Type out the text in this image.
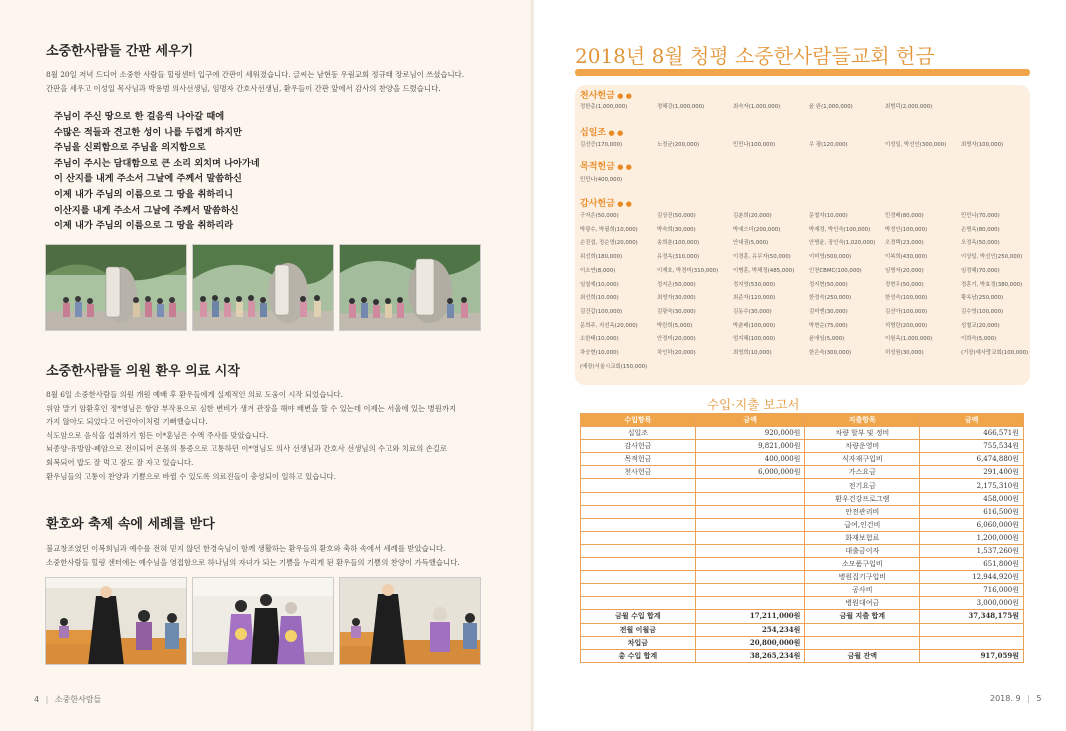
소중한사람들 간판 세우기
8월 20일 저녁 드디어 소중한 사람들 힐링센터 입구에 간판이 세워졌습니다. 글씨는 남현동 우림교회 정규태 장로님이 쓰셨습니다.
간판을 세우고 이성일 목사님과 박용범 의사선생님, 임명자 간호사선생님, 환우들이 간판 앞에서 감사의 찬양을 드렸습니다.
주님이 주신 땅으로 한 걸음씩 나아갈 때에
수많은 적들과 견고한 성이 나를 두렵게 하지만
주님을 신뢰함으로 주님을 의지함으로
주님이 주시는 담대함으로 큰 소리 외치며 나아가네
이 산지를 내게 주소서 그날에 주께서 말씀하신
이제 내가 주님의 이름으로 그 땅을 취하리니
이산지를 내게 주소서 그날에 주께서 말씀하신
이제 내가 주님의 이름으로 그 땅을 취하리라
소중한사람들 의원 환우 의료 시작
8월 6일 소중한사람들 의원 개원 예배 후 환우들에게 실제적인 의료 도움이 시작 되었습니다.
위암 말기 암환후인 정*영님은 항암 부작용으로 심한 변비가 생겨 관장을 해야 배변을 할 수 있는데 이제는 서울에 있는 병원까지
가지 않아도 되었다고 어린아이처럼 기뻐했습니다.
식도암으로 음식을 섭취하기 힘든 이*훈님은 수액 주사를 맞았습니다.
뇌종양-유방암-폐암으로 전이되어 온몸의 통증으로 고통하던 이*영님도 의사 선생님과 간호사 선생님의 수고와 치료의 손길로
회복되어 밥도 잘 먹고 잠도 잘 자고 있습니다.
환우님들의 고통이 찬양과 기쁨으로 바뀔 수 있도록 의료진들이 충성되이 일하고 있습니다.
환호와 축제 속에 세례를 받다
불교창조였던 이복희님과 예수를 전혀 믿지 않던 한경숙님이 함께 생활하는 환우들의 환호와 축하 속에서 세례를 받았습니다.
소중한사람들 힐링 센터에는 예수님을 영접함으로 하나님의 자녀가 되는 기쁨을 누리게 된 환우들의 기쁨의 찬양이 가득했습니다.
4 | 소중한사람들
2018년 8월 청평 소중한사람들교회 헌금
천사헌금 ● ●
정한총(1,000,000)	정혜강(1,000,000)	최숙자(1,000,000)	윤 완(1,000,000)	최범덕(2,000,000)
십일조 ● ●
김선증(170,000)	노정균(200,000)	민민나(100,000)	우 평(120,000)	이성일, 박선인(300,000)	최명자(100,000)
목적헌금 ● ●
민민나(400,000)
감사헌금 ● ●
구자은(50,000)	김상진(50,000)	김춘희(20,000)	문철자(10,000)	민경배(80,000)	민민나(70,000)
박광수, 박필희(10,000)	박숙희(30,000)	박예스더(200,000)	박재경, 박인숙(100,000)	박정인(100,000)	손명옥(80,000)
손진섭, 정순영(20,000)	송희춘(100,000)	안대권(5,000)	안명윤, 장인숙(1,020,000) 오경택(23,000)	오정옥(50,000)
위선희(180,000)	유정옥(310,000)	이경훈, 유무자(50,000)	이미영(500,000)	이복희(430,000)	이상일, 박선인(250,000)
이소연(8,000)	이재호, 박경미(310,000)	이병훈, 박해정(485,000)	인천CBMC(100,000)	임명자(20,000)	임정혜(70,000)
임칠예(10,000)	정지은(50,000)	정지영(530,000)	정지현(50,000)	정현우(50,000)	정훈기, 박효정(380,000)
최선희(10,000)	최영자(30,000)	최준자(120,000)	한정숙(250,000)	한성숙(100,000)	황옥남(250,000)
김건갑(100,000)	김광숙(30,000)	김동수(30,000)	김미엔(30,000)	김선아(100,000)	김수영(100,000)
문희주, 지선옥(20,000)	박란희(5,000)	박춘배(100,000)	박현순(75,000)	석명란(200,000)	성철교(20,000)
소한태(10,000)	안정미(20,000)	엄지혜(100,000)	윤애임(5,000)	이원옥(1,000,000)	이희숙(5,000)
차승현(10,000)	차인하(20,000)	최영희(10,000)	한은숙(300,000)	허성원(30,000)	(기장)예사랑교회(100,000)
(예장)서울시교회(150,000)
수입·지출 보고서
수입항목	금액	지출항목	금액
십일조	920,000원	차량 할부 및 정비	466,571원
감사헌금	9,821,000원	차량운영비	755,534원
목적헌금	400,000원	식자재구입비	6,474,880원
천사헌금	6,000,000원	가스요금	291,400원
		전기요금	2,175,310원
		환우건강프로그램	458,000원
		안전관리비	616,500원
		급여,인건비	6,060,000원
		화재보험료	1,200,000원
		대출금이자	1,537,260원
		소모품구입비	651,800원
		병원집기구입비	12,944,920원
		공사비	716,000원
		병원대여금	3,000,000원
금월 수입 합계	17,211,000원	금월 지출 합계	37,348,175원
전월 이월금	254,234원		
차입금	20,800,000원		
총 수입 합계	38,265,234원	금월 잔액	917,059원
2018. 9 | 5
